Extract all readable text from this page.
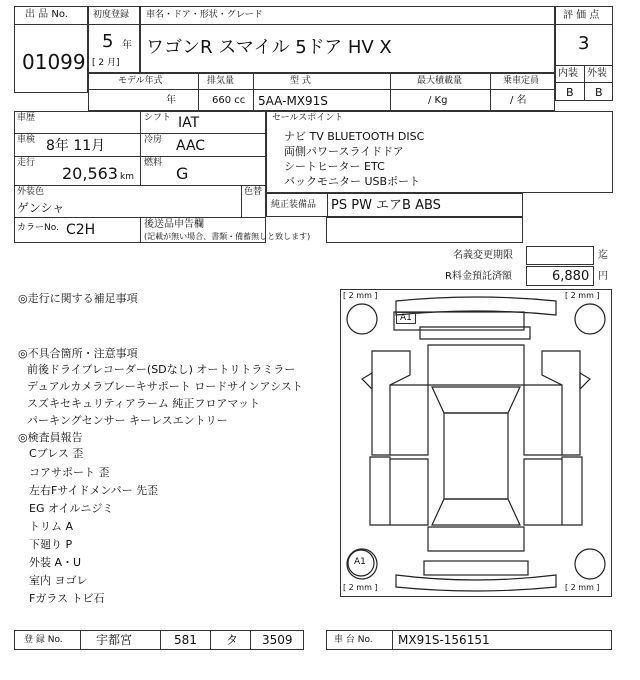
出 品 No.
01099
初度登録
5 年
[ 2 月]
車名・ドア・形状・グレード
ワゴンR スマイル 5ドア HV X
評 価 点
3
内装 外装
B B
モデル年式
年
排気量
660 cc
型 式
5AA-MX91S
最大積載量
/ Kg
乗車定員
/ 名
車歴	シフト IAT
車検 8年 11月	冷房 AAC
走行
20,563 km
燃料
G
外装色
ゲンシャ
色替
カラーNo. C2H	後送品申告欄
(記載が無い場合、書類・備蓄無しと致します)
セールスポイント
ナビ TV BLUETOOTH DISC
両側パワースライドドア
シートヒーター ETC
バックモニター USBポート
純正装備品 PS PW エアB ABS
名義変更期限	迄
R料金預託済額	6,880 円
◎走行に関する補足事項
◎不具合箇所・注意事項
前後ドライブレコーダー(SDなし) オートリトラミラー
デュアルカメラブレーキサポート ロードサインアシスト
スズキセキュリティアラーム 純正フロアマット
パーキングセンサー キーレスエントリー
◎検査員報告
Cブレス 歪
コアサポート 歪
左右Fサイドメンバー 先歪
EG オイルニジミ
トリム A
下廻り P
外装 A・U
室内 ヨゴレ
Fガラス トビ石
[ 2 mm ]	[ 2 mm ]
[ 2 mm ]	[ 2 mm ]
A1
A1
登 録 No.	宇都宮	581 タ 3509	車 台 No. MX91S-156151
